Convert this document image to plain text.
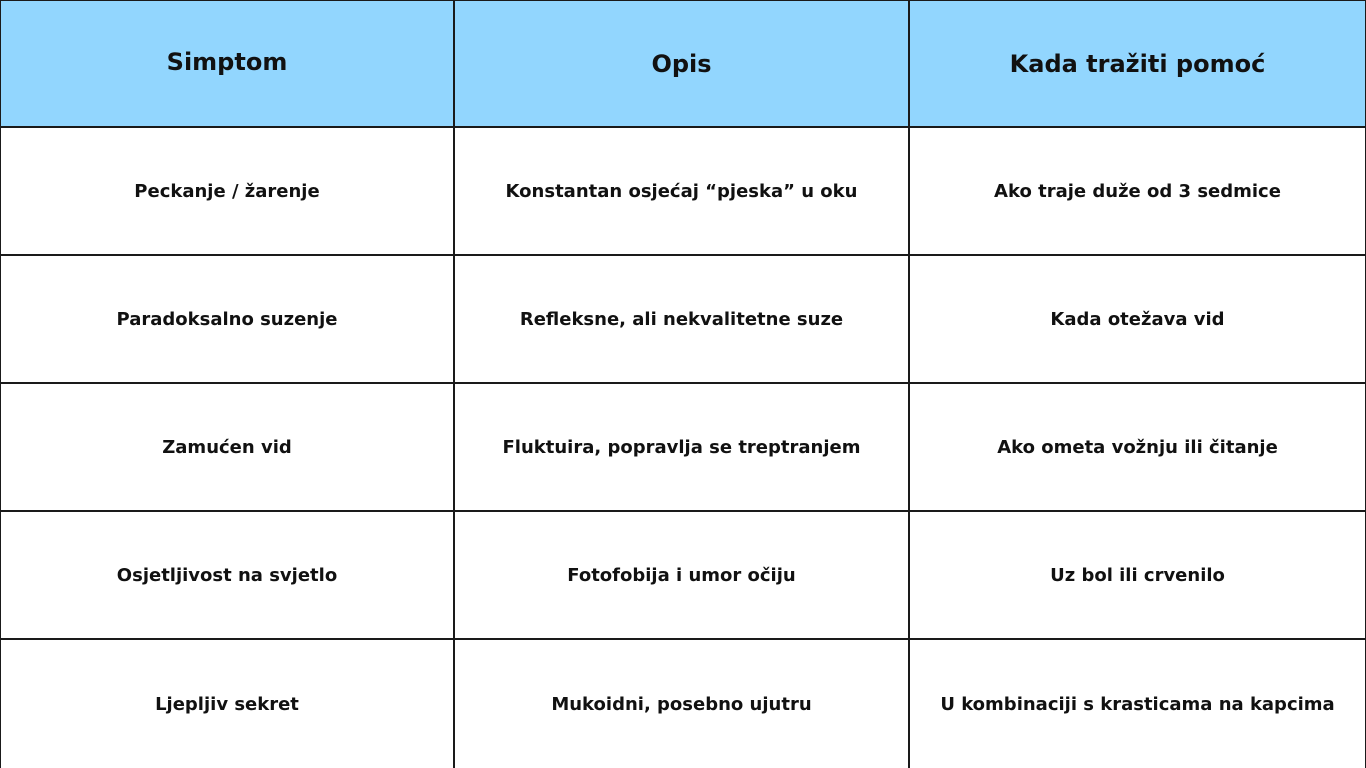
Simptom	Opis	Kada tražiti pomoć
Peckanje / žarenje	Konstantan osjećaj “pjeska” u oku	Ako traje duže od 3 sedmice
Paradoksalno suzenje	Refleksne, ali nekvalitetne suze	Kada otežava vid
Zamućen vid	Fluktuira, popravlja se treptranjem	Ako ometa vožnju ili čitanje
Osjetljivost na svjetlo	Fotofobija i umor očiju	Uz bol ili crvenilo
Ljepljiv sekret	Mukoidni, posebno ujutru	U kombinaciji s krasticama na kapcima
